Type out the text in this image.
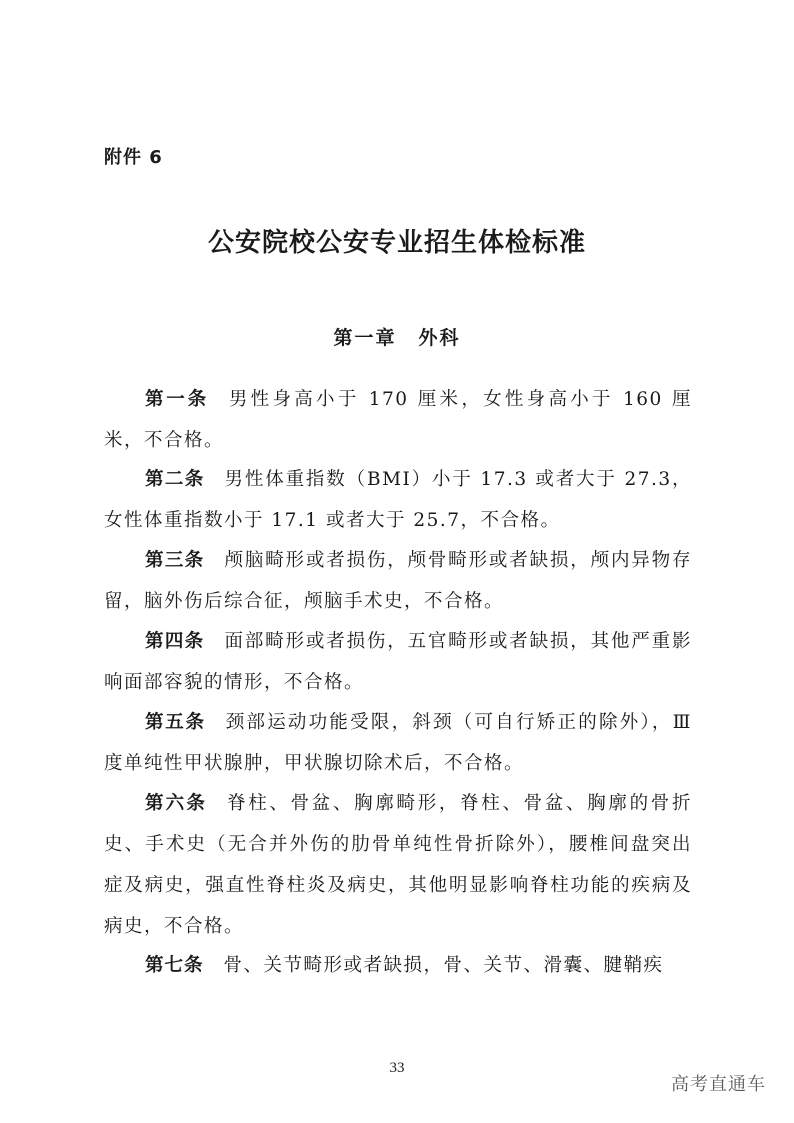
附件 6
公安院校公安专业招生体检标准
第一章 外科
第一条 男性身高小于 170 厘米，女性身高小于 160 厘米，不合格。
第二条 男性体重指数（BMI）小于 17.3 或者大于 27.3，女性体重指数小于 17.1 或者大于 25.7，不合格。
第三条 颅脑畸形或者损伤，颅骨畸形或者缺损，颅内异物存留，脑外伤后综合征，颅脑手术史，不合格。
第四条 面部畸形或者损伤，五官畸形或者缺损，其他严重影响面部容貌的情形，不合格。
第五条 颈部运动功能受限，斜颈（可自行矫正的除外），Ⅲ度单纯性甲状腺肿，甲状腺切除术后，不合格。
第六条 脊柱、骨盆、胸廓畸形，脊柱、骨盆、胸廓的骨折史、手术史（无合并外伤的肋骨单纯性骨折除外），腰椎间盘突出症及病史，强直性脊柱炎及病史，其他明显影响脊柱功能的疾病及病史，不合格。
第七条 骨、关节畸形或者缺损，骨、关节、滑囊、腱鞘疾
33
高考直通车
